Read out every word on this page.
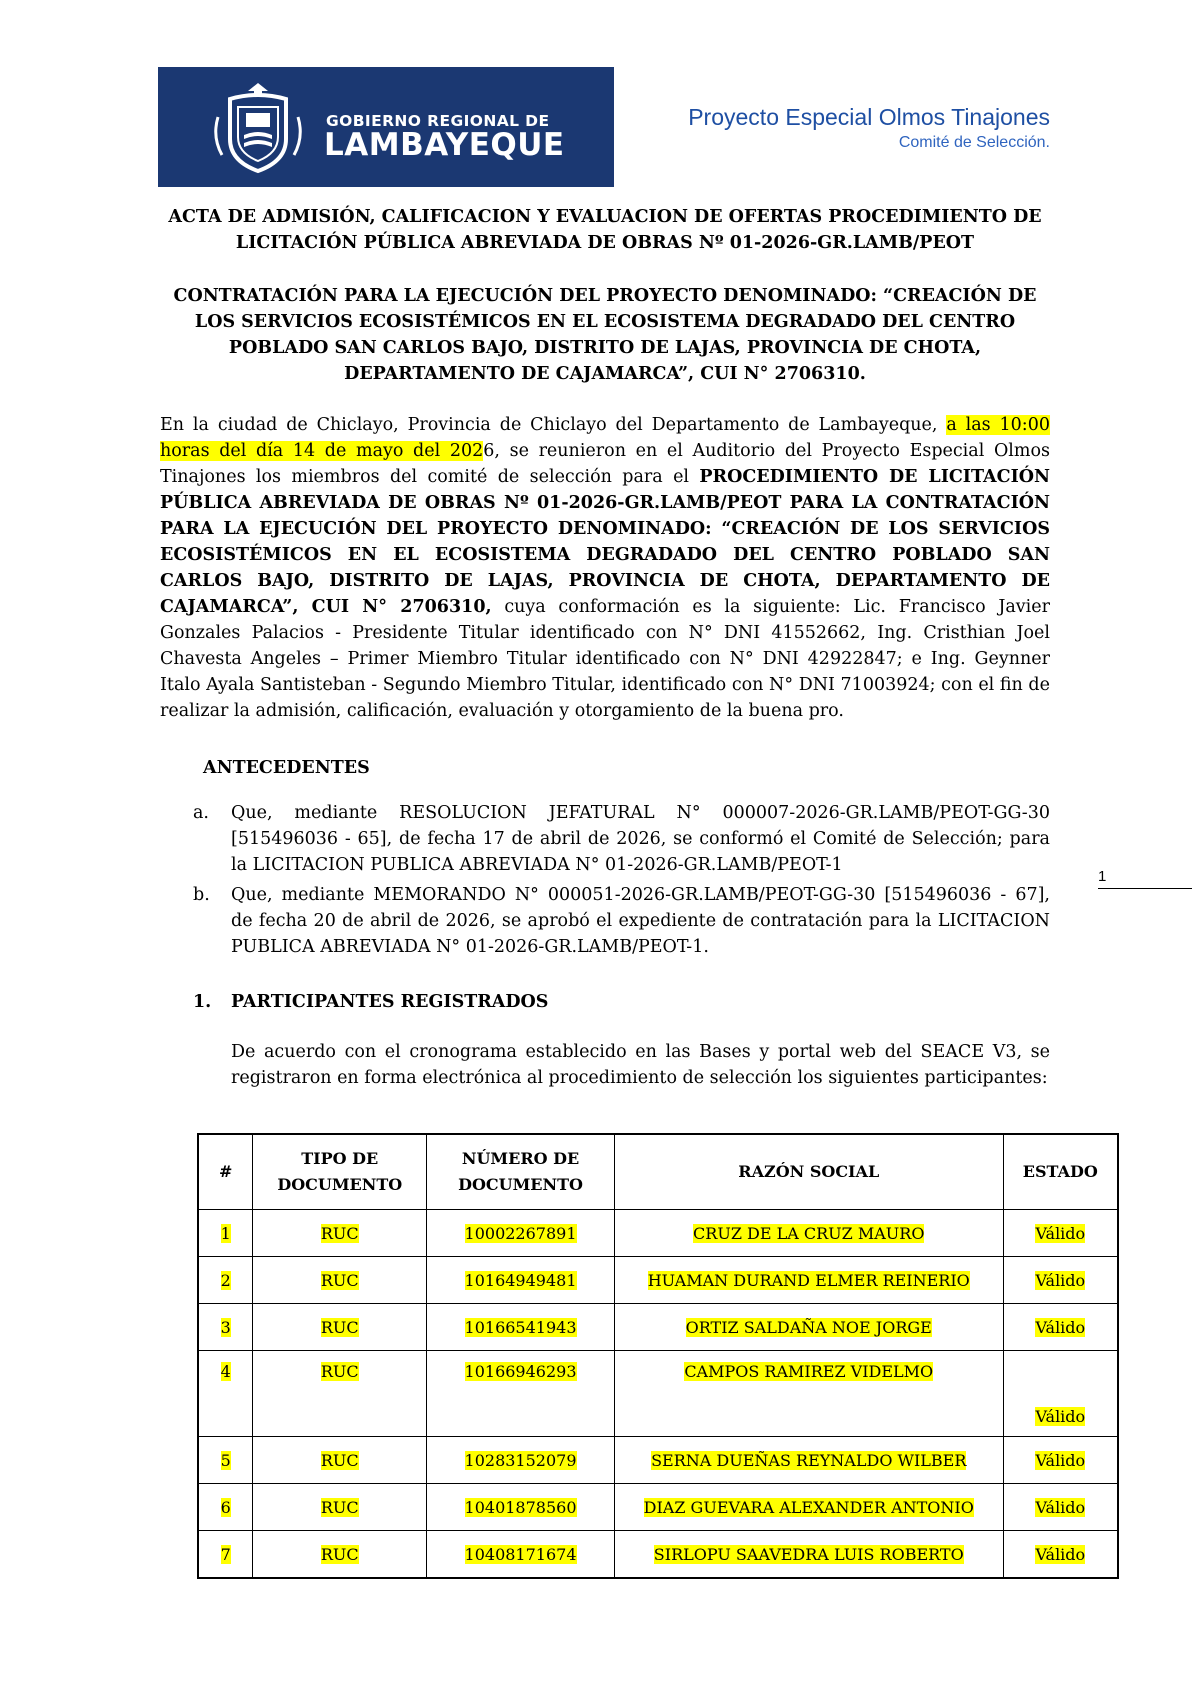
GOBIERNO REGIONAL DE
LAMBAYEQUE
Proyecto Especial Olmos Tinajones
Comité de Selección.
ACTA DE ADMISIÓN, CALIFICACION Y EVALUACION DE OFERTAS PROCEDIMIENTO DE
LICITACIÓN PÚBLICA ABREVIADA DE OBRAS Nº 01-2026-GR.LAMB/PEOT
CONTRATACIÓN PARA LA EJECUCIÓN DEL PROYECTO DENOMINADO: “CREACIÓN DE
LOS SERVICIOS ECOSISTÉMICOS EN EL ECOSISTEMA DEGRADADO DEL CENTRO
POBLADO SAN CARLOS BAJO, DISTRITO DE LAJAS, PROVINCIA DE CHOTA,
DEPARTAMENTO DE CAJAMARCA”, CUI N° 2706310.
En la ciudad de Chiclayo, Provincia de Chiclayo del Departamento de Lambayeque, a las 10:00 horas del día 14 de mayo del 2026, se reunieron en el Auditorio del Proyecto Especial Olmos Tinajones los miembros del comité de selección para el PROCEDIMIENTO DE LICITACIÓN PÚBLICA ABREVIADA DE OBRAS Nº 01-2026-GR.LAMB/PEOT PARA LA CONTRATACIÓN PARA LA EJECUCIÓN DEL PROYECTO DENOMINADO: “CREACIÓN DE LOS SERVICIOS ECOSISTÉMICOS EN EL ECOSISTEMA DEGRADADO DEL CENTRO POBLADO SAN CARLOS BAJO, DISTRITO DE LAJAS, PROVINCIA DE CHOTA, DEPARTAMENTO DE CAJAMARCA”, CUI N° 2706310, cuya conformación es la siguiente: Lic. Francisco Javier Gonzales Palacios - Presidente Titular identificado con N° DNI 41552662, Ing. Cristhian Joel Chavesta Angeles – Primer Miembro Titular identificado con N° DNI 42922847; e Ing. Geynner Italo Ayala Santisteban - Segundo Miembro Titular, identificado con N° DNI 71003924; con el fin de realizar la admisión, calificación, evaluación y otorgamiento de la buena pro.
ANTECEDENTES
a. Que, mediante RESOLUCION JEFATURAL N° 000007-2026-GR.LAMB/PEOT-GG-30 [515496036 - 65], de fecha 17 de abril de 2026, se conformó el Comité de Selección; para la LICITACION PUBLICA ABREVIADA N° 01-2026-GR.LAMB/PEOT-1
b. Que, mediante MEMORANDO N° 000051-2026-GR.LAMB/PEOT-GG-30 [515496036 - 67], de fecha 20 de abril de 2026, se aprobó el expediente de contratación para la LICITACION PUBLICA ABREVIADA N° 01-2026-GR.LAMB/PEOT-1.
1
1. PARTICIPANTES REGISTRADOS
De acuerdo con el cronograma establecido en las Bases y portal web del SEACE V3, se registraron en forma electrónica al procedimiento de selección los siguientes participantes:
#	TIPO DE DOCUMENTO	NÚMERO DE DOCUMENTO	RAZÓN SOCIAL	ESTADO
1	RUC	10002267891	CRUZ DE LA CRUZ MAURO	Válido
2	RUC	10164949481	HUAMAN DURAND ELMER REINERIO	Válido
3	RUC	10166541943	ORTIZ SALDAÑA NOE JORGE	Válido
4	RUC	10166946293	CAMPOS RAMIREZ VIDELMO	Válido
5	RUC	10283152079	SERNA DUEÑAS REYNALDO WILBER	Válido
6	RUC	10401878560	DIAZ GUEVARA ALEXANDER ANTONIO	Válido
7	RUC	10408171674	SIRLOPU SAAVEDRA LUIS ROBERTO	Válido
